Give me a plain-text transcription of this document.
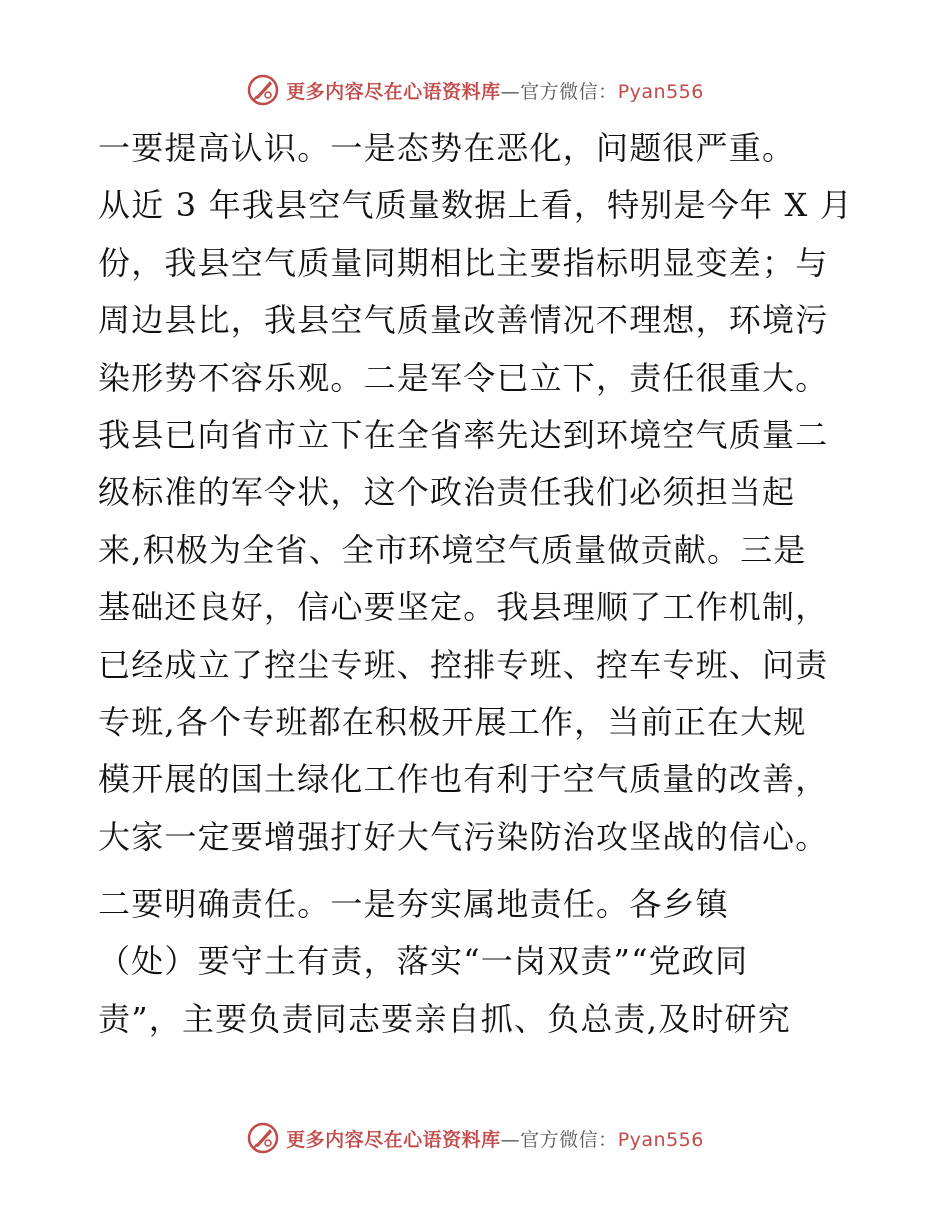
更多内容尽在心语资料库—官方微信：Pyan556
一要提高认识。一是态势在恶化，问题很严重。
从近 3 年我县空气质量数据上看，特别是今年 X 月
份，我县空气质量同期相比主要指标明显变差；与
周边县比，我县空气质量改善情况不理想，环境污
染形势不容乐观。二是军令已立下，责任很重大。
我县已向省市立下在全省率先达到环境空气质量二
级标准的军令状，这个政治责任我们必须担当起
来,积极为全省、全市环境空气质量做贡献。三是
基础还良好，信心要坚定。我县理顺了工作机制，
已经成立了控尘专班、控排专班、控车专班、问责
专班,各个专班都在积极开展工作，当前正在大规
模开展的国土绿化工作也有利于空气质量的改善，
大家一定要增强打好大气污染防治攻坚战的信心。
二要明确责任。一是夯实属地责任。各乡镇
（处）要守土有责，落实“一岗双责”“党政同
责”，主要负责同志要亲自抓、负总责,及时研究
更多内容尽在心语资料库—官方微信：Pyan556
